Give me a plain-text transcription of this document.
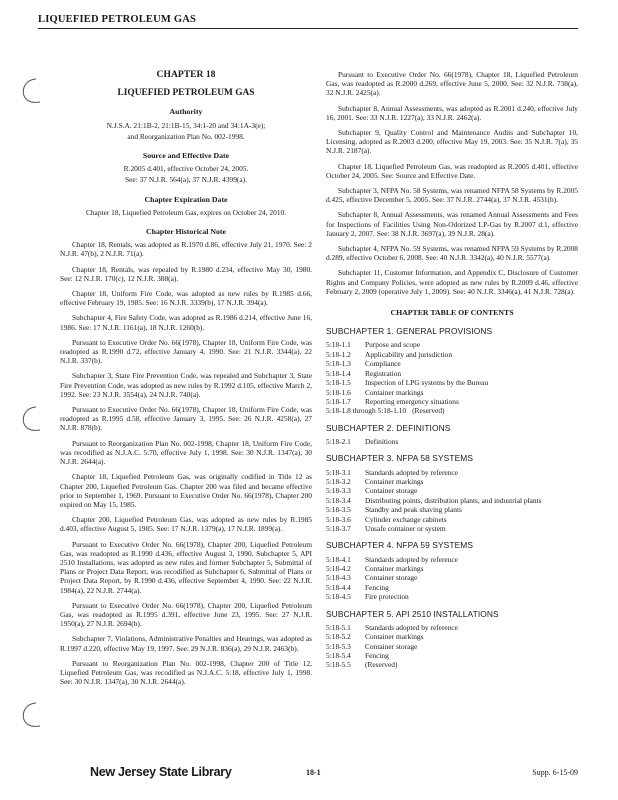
LIQUEFIED PETROLEUM GAS
CHAPTER 18
LIQUEFIED PETROLEUM GAS
Authority
N.J.S.A. 21:1B-2, 21:1B-15, 34:1-20 and 34:1A-3(e);
and Reorganization Plan No. 002-1998.
Source and Effective Date
R.2005 d.401, effective October 24, 2005.
See: 37 N.J.R. 564(a), 37 N.J.R. 4399(a).
Chapter Expiration Date
Chapter 18, Liquefied Petroleum Gas, expires on October 24, 2010.
Chapter Historical Note

Chapter 18, Rentals, was adopted as R.1970 d.86, effective July 21, 1970. See: 2 N.J.R. 47(b), 2 N.J.R. 71(a).

Chapter 18, Rentals, was repealed by R.1980 d.234, effective May 30, 1980. See: 12 N.J.R. 170(c), 12 N.J.R. 388(a).

Chapter 18, Uniform Fire Code, was adopted as new rules by R.1985 d.66, effective February 19, 1985. See: 16 N.J.R. 3339(b), 17 N.J.R. 394(a).

Subchapter 4, Fire Safety Code, was adopted as R.1986 d.214, effective June 16, 1986. See: 17 N.J.R. 1161(a), 18 N.J.R. 1260(b).

Pursuant to Executive Order No. 66(1978), Chapter 18, Uniform Fire Code, was readopted as R.1990 d.72, effective January 4, 1990. See: 21 N.J.R. 3344(a), 22 N.J.R. 337(b).

Subchapter 3, State Fire Prevention Code, was repealed and Subchapter 3, State Fire Prevention Code, was adopted as new rules by R.1992 d.105, effective March 2, 1992. See: 23 N.J.R. 3554(a), 24 N.J.R. 740(a).

Pursuant to Executive Order No. 66(1978), Chapter 18, Uniform Fire Code, was readopted as R.1995 d.58, effective January 3, 1995. See: 26 N.J.R. 4258(a), 27 N.J.R. 878(b).

Pursuant to Reorganization Plan No. 002-1998, Chapter 18, Uniform Fire Code, was recodified as N.J.A.C. 5:70, effective July 1, 1998. See: 30 N.J.R. 1347(a), 30 N.J.R. 2644(a).

Chapter 18, Liquefied Petroleum Gas, was originally codified in Title 12 as Chapter 200, Liquefied Petroleum Gas. Chapter 200 was filed and became effective prior to September 1, 1969. Pursuant to Executive Order No. 66(1978), Chapter 200 expired on May 15, 1985.

Chapter 200, Liquefied Petroleum Gas, was adopted as new rules by R.1985 d.403, effective August 5, 1985. See: 17 N.J.R. 1379(a), 17 N.J.R. 1899(a).

Pursuant to Executive Order No. 66(1978), Chapter 200, Liquefied Petroleum Gas, was readopted as R.1990 d.436, effective August 3, 1990. Subchapter 5, API 2510 Installations, was adopted as new rules and former Subchapter 5, Submittal of Plans or Project Data Report, was recodified as Subchapter 6, Submittal of Plans or Project Data Report, by R.1990 d.436, effective September 4, 1990. See: 22 N.J.R. 1984(a), 22 N.J.R. 2744(a).

Pursuant to Executive Order No. 66(1978), Chapter 200, Liquefied Petroleum Gas, was readopted as R.1995 d.391, effective June 23, 1995. See: 27 N.J.R. 1950(a), 27 N.J.R. 2694(b).

Subchapter 7, Violations, Administrative Penalties and Hearings, was adopted as R.1997 d.220, effective May 19, 1997. See: 29 N.J.R. 836(a), 29 N.J.R. 2463(b).

Pursuant to Reorganization Plan No. 002-1998, Chapter 200 of Title 12, Liquefied Petroleum Gas, was recodified as N.J.A.C. 5:18, effective July 1, 1998. See: 30 N.J.R. 1347(a), 30 N.J.R. 2644(a).

Pursuant to Executive Order No. 66(1978), Chapter 18, Liquefied Petroleum Gas, was readopted as R.2000 d.269, effective June 5, 2000. See: 32 N.J.R. 738(a), 32 N.J.R. 2425(a).

Subchapter 8, Annual Assessments, was adopted as R.2001 d.240, effective July 16, 2001. See: 33 N.J.R. 1227(a), 33 N.J.R. 2462(a).

Subchapter 9, Quality Control and Maintenance Audits and Subchapter 10, Licensing, adopted as R.2003 d.200, effective May 19, 2003. See: 35 N.J.R. 7(a), 35 N.J.R. 2187(a).

Chapter 18, Liquefied Petroleum Gas, was readopted as R.2005 d.401, effective October 24, 2005. See: Source and Effective Date.

Subchapter 3, NFPA No. 58 Systems, was renamed NFPA 58 Systems by R.2005 d.425, effective December 5, 2005. See: 37 N.J.R. 2744(a), 37 N.J.R. 4531(b).

Subchapter 8, Annual Assessments, was renamed Annual Assessments and Fees for Inspections of Facilities Using Non-Odorized LP-Gas by R.2007 d.1, effective January 2, 2007. See: 38 N.J.R. 3697(a), 39 N.J.R. 28(a).

Subchapter 4, NFPA No. 59 Systems, was renamed NFPA 59 Systems by R.2008 d.289, effective October 6, 2008. See: 40 N.J.R. 3342(a), 40 N.J.R. 5577(a).

Subchapter 11, Customer Information, and Appendix C, Disclosure of Customer Rights and Company Policies, were adopted as new rules by R.2009 d.46, effective February 2, 2009 (operative July 1, 2009). See: 40 N.J.R. 3346(a), 41 N.J.R. 728(a).

CHAPTER TABLE OF CONTENTS
SUBCHAPTER 1. GENERAL PROVISIONS
5:18-1.1	Purpose and scope
5:18-1.2	Applicability and jurisdiction
5:18-1.3	Compliance
5:18-1.4	Registration
5:18-1.5	Inspection of LPG systems by the Bureau
5:18-1.6	Container markings
5:18-1.7	Reporting emergency situations
5:18-1.8 through 5:18-1.10 (Reserved)
SUBCHAPTER 2. DEFINITIONS
5:18-2.1	Definitions
SUBCHAPTER 3. NFPA 58 SYSTEMS
5:18-3.1	Standards adopted by reference
5:18-3.2	Container markings
5:18-3.3	Container storage
5:18-3.4	Distributing points, distribution plants, and industrial plants
5:18-3.5	Standby and peak shaving plants
5:18-3.6	Cylinder exchange cabinets
5:18-3.7	Unsafe container or system
SUBCHAPTER 4. NFPA 59 SYSTEMS
5:18-4.1	Standards adopted by reference
5:18-4.2	Container markings
5:18-4.3	Container storage
5:18-4.4	Fencing
5:18-4.5	Fire protection
SUBCHAPTER 5. API 2510 INSTALLATIONS
5:18-5.1	Standards adopted by reference
5:18-5.2	Container markings
5:18-5.3	Container storage
5:18-5.4	Fencing
5:18-5.5	(Reserved)
New Jersey State Library	18-1	Supp. 6-15-09
